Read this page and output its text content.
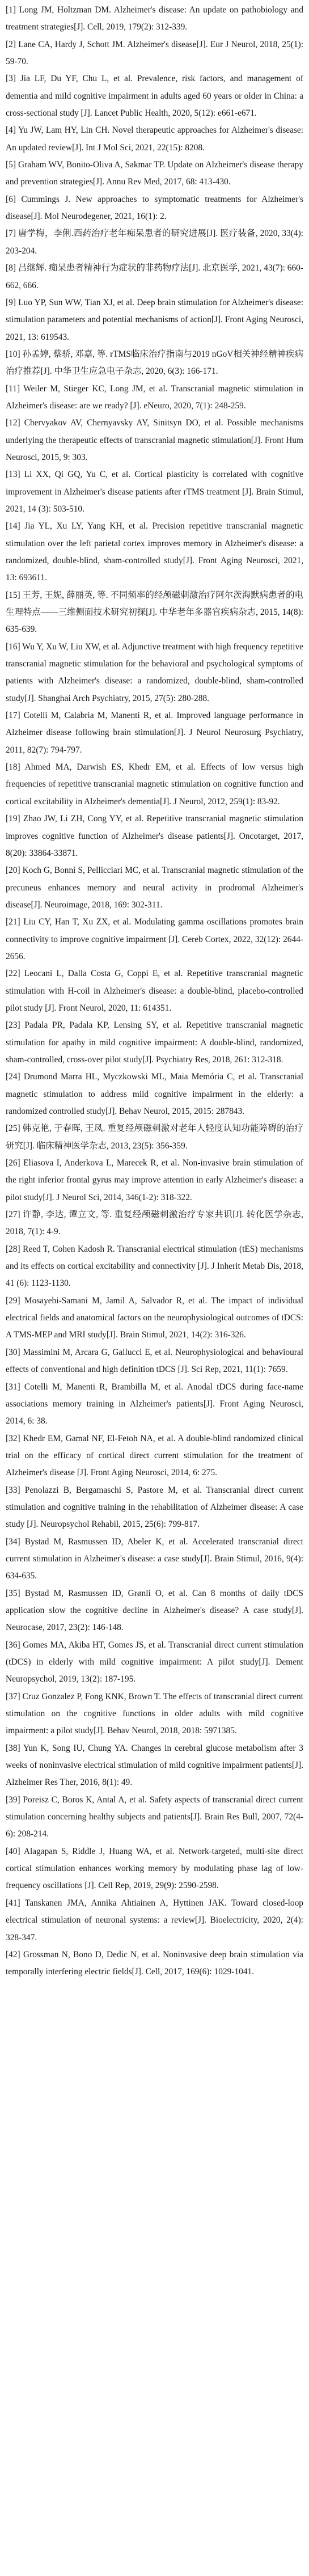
[1] Long JM, Holtzman DM. Alzheimer's disease: An update on pathobiology and treatment strategies[J]. Cell, 2019, 179(2): 312-339.
[2] Lane CA, Hardy J, Schott JM. Alzheimer's disease[J]. Eur J Neurol, 2018, 25(1): 59-70.
[3] Jia LF, Du YF, Chu L, et al. Prevalence, risk factors, and management of dementia and mild cognitive impairment in adults aged 60 years or older in China: a cross-sectional study [J]. Lancet Public Health, 2020, 5(12): e661-e671.
[4] Yu JW, Lam HY, Lin CH. Novel therapeutic approaches for Alzheimer's disease: An updated review[J]. Int J Mol Sci, 2021, 22(15): 8208.
[5] Graham WV, Bonito-Oliva A, Sakmar TP. Update on Alzheimer's disease therapy and prevention strategies[J]. Annu Rev Med, 2017, 68: 413-430.
[6] Cummings J. New approaches to symptomatic treatments for Alzheimer's disease[J]. Mol Neurodegener, 2021, 16(1): 2.
[7] 唐学梅，李俐.西药治疗老年痴呆患者的研究进展[J]. 医疗装备, 2020, 33(4): 203-204.
[8] 吕继辉. 痴呆患者精神行为症状的非药物疗法[J]. 北京医学, 2021, 43(7): 660-662, 666.
[9] Luo YP, Sun WW, Tian XJ, et al. Deep brain stimulation for Alzheimer's disease: stimulation parameters and potential mechanisms of action[J]. Front Aging Neurosci, 2021, 13: 619543.
[10] 孙孟婷, 蔡骄, 邓嘉, 等. rTMS临床治疗指南与2019 nGoV相关神经精神疾病治疗推荐[J]. 中华卫生应急电子杂志, 2020, 6(3): 166-171.
[11] Weiler M, Stieger KC, Long JM, et al. Transcranial magnetic stimulation in Alzheimer's disease: are we ready? [J]. eNeuro, 2020, 7(1): 248-259.
[12] Chervyakov AV, Chernyavsky AY, Sinitsyn DO, et al. Possible mechanisms underlying the therapeutic effects of transcranial magnetic stimulation[J]. Front Hum Neurosci, 2015, 9: 303.
[13] Li XX, Qi GQ, Yu C, et al. Cortical plasticity is correlated with cognitive improvement in Alzheimer's disease patients after rTMS treatment [J]. Brain Stimul, 2021, 14 (3): 503-510.
[14] Jia YL, Xu LY, Yang KH, et al. Precision repetitive transcranial magnetic stimulation over the left parietal cortex improves memory in Alzheimer's disease: a randomized, double-blind, sham-controlled study[J]. Front Aging Neurosci, 2021, 13: 693611.
[15] 王芳, 王妮, 薛丽英, 等. 不同频率的经颅磁刺激治疗阿尔茨海默病患者的电生理特点——三维侧面技术研究初探[J]. 中华老年多器官疾病杂志, 2015, 14(8): 635-639.
[16] Wu Y, Xu W, Liu XW, et al. Adjunctive treatment with high frequency repetitive transcranial magnetic stimulation for the behavioral and psychological symptoms of patients with Alzheimer's disease: a randomized, double-blind, sham-controlled study[J]. Shanghai Arch Psychiatry, 2015, 27(5): 280-288.
[17] Cotelli M, Calabria M, Manenti R, et al. Improved language performance in Alzheimer disease following brain stimulation[J]. J Neurol Neurosurg Psychiatry, 2011, 82(7): 794-797.
[18] Ahmed MA, Darwish ES, Khedr EM, et al. Effects of low versus high frequencies of repetitive transcranial magnetic stimulation on cognitive function and cortical excitability in Alzheimer's dementia[J]. J Neurol, 2012, 259(1): 83-92.
[19] Zhao JW, Li ZH, Cong YY, et al. Repetitive transcranial magnetic stimulation improves cognitive function of Alzheimer's disease patients[J]. Oncotarget, 2017, 8(20): 33864-33871.
[20] Koch G, Bonnì S, Pellicciari MC, et al. Transcranial magnetic stimulation of the precuneus enhances memory and neural activity in prodromal Alzheimer's disease[J]. Neuroimage, 2018, 169: 302-311.
[21] Liu CY, Han T, Xu ZX, et al. Modulating gamma oscillations promotes brain connectivity to improve cognitive impairment [J]. Cereb Cortex, 2022, 32(12): 2644-2656.
[22] Leocani L, Dalla Costa G, Coppi E, et al. Repetitive transcranial magnetic stimulation with H-coil in Alzheimer's disease: a double-blind, placebo-controlled pilot study [J]. Front Neurol, 2020, 11: 614351.
[23] Padala PR, Padala KP, Lensing SY, et al. Repetitive transcranial magnetic stimulation for apathy in mild cognitive impairment: A double-blind, randomized, sham-controlled, cross-over pilot study[J]. Psychiatry Res, 2018, 261: 312-318.
[24] Drumond Marra HL, Myczkowski ML, Maia Memória C, et al. Transcranial magnetic stimulation to address mild cognitive impairment in the elderly: a randomized controlled study[J]. Behav Neurol, 2015, 2015: 287843.
[25] 韩克艳, 于春晖, 王凤. 重复经颅磁刺激对老年人轻度认知功能障碍的治疗研究[J]. 临床精神医学杂志, 2013, 23(5): 356-359.
[26] Eliasova I, Anderkova L, Marecek R, et al. Non-invasive brain stimulation of the right inferior frontal gyrus may improve attention in early Alzheimer's disease: a pilot study[J]. J Neurol Sci, 2014, 346(1-2): 318-322.
[27] 许静, 李达, 谭立文, 等. 重复经颅磁刺激治疗专家共识[J]. 转化医学杂志, 2018, 7(1): 4-9.
[28] Reed T, Cohen Kadosh R. Transcranial electrical stimulation (tES) mechanisms and its effects on cortical excitability and connectivity [J]. J Inherit Metab Dis, 2018, 41 (6): 1123-1130.
[29] Mosayebi-Samani M, Jamil A, Salvador R, et al. The impact of individual electrical fields and anatomical factors on the neurophysiological outcomes of tDCS: A TMS-MEP and MRI study[J]. Brain Stimul, 2021, 14(2): 316-326.
[30] Massimini M, Arcara G, Gallucci E, et al. Neurophysiological and behavioural effects of conventional and high definition tDCS [J]. Sci Rep, 2021, 11(1): 7659.
[31] Cotelli M, Manenti R, Brambilla M, et al. Anodal tDCS during face-name associations memory training in Alzheimer's patients[J]. Front Aging Neurosci, 2014, 6: 38.
[32] Khedr EM, Gamal NF, El-Fetoh NA, et al. A double-blind randomized clinical trial on the efficacy of cortical direct current stimulation for the treatment of Alzheimer's disease [J]. Front Aging Neurosci, 2014, 6: 275.
[33] Penolazzi B, Bergamaschi S, Pastore M, et al. Transcranial direct current stimulation and cognitive training in the rehabilitation of Alzheimer disease: A case study [J]. Neuropsychol Rehabil, 2015, 25(6): 799-817.
[34] Bystad M, Rasmussen ID, Abeler K, et al. Accelerated transcranial direct current stimulation in Alzheimer's disease: a case study[J]. Brain Stimul, 2016, 9(4): 634-635.
[35] Bystad M, Rasmussen ID, Grønli O, et al. Can 8 months of daily tDCS application slow the cognitive decline in Alzheimer's disease? A case study[J]. Neurocase, 2017, 23(2): 146-148.
[36] Gomes MA, Akiba HT, Gomes JS, et al. Transcranial direct current stimulation (tDCS) in elderly with mild cognitive impairment: A pilot study[J]. Dement Neuropsychol, 2019, 13(2): 187-195.
[37] Cruz Gonzalez P, Fong KNK, Brown T. The effects of transcranial direct current stimulation on the cognitive functions in older adults with mild cognitive impairment: a pilot study[J]. Behav Neurol, 2018, 2018: 5971385.
[38] Yun K, Song IU, Chung YA. Changes in cerebral glucose metabolism after 3 weeks of noninvasive electrical stimulation of mild cognitive impairment patients[J]. Alzheimer Res Ther, 2016, 8(1): 49.
[39] Poreisz C, Boros K, Antal A, et al. Safety aspects of transcranial direct current stimulation concerning healthy subjects and patients[J]. Brain Res Bull, 2007, 72(4-6): 208-214.
[40] Alagapan S, Riddle J, Huang WA, et al. Network-targeted, multi-site direct cortical stimulation enhances working memory by modulating phase lag of low-frequency oscillations [J]. Cell Rep, 2019, 29(9): 2590-2598.
[41] Tanskanen JMA, Annika Ahtiainen A, Hyttinen JAK. Toward closed-loop electrical stimulation of neuronal systems: a review[J]. Bioelectricity, 2020, 2(4): 328-347.
[42] Grossman N, Bono D, Dedic N, et al. Noninvasive deep brain stimulation via temporally interfering electric fields[J]. Cell, 2017, 169(6): 1029-1041.
